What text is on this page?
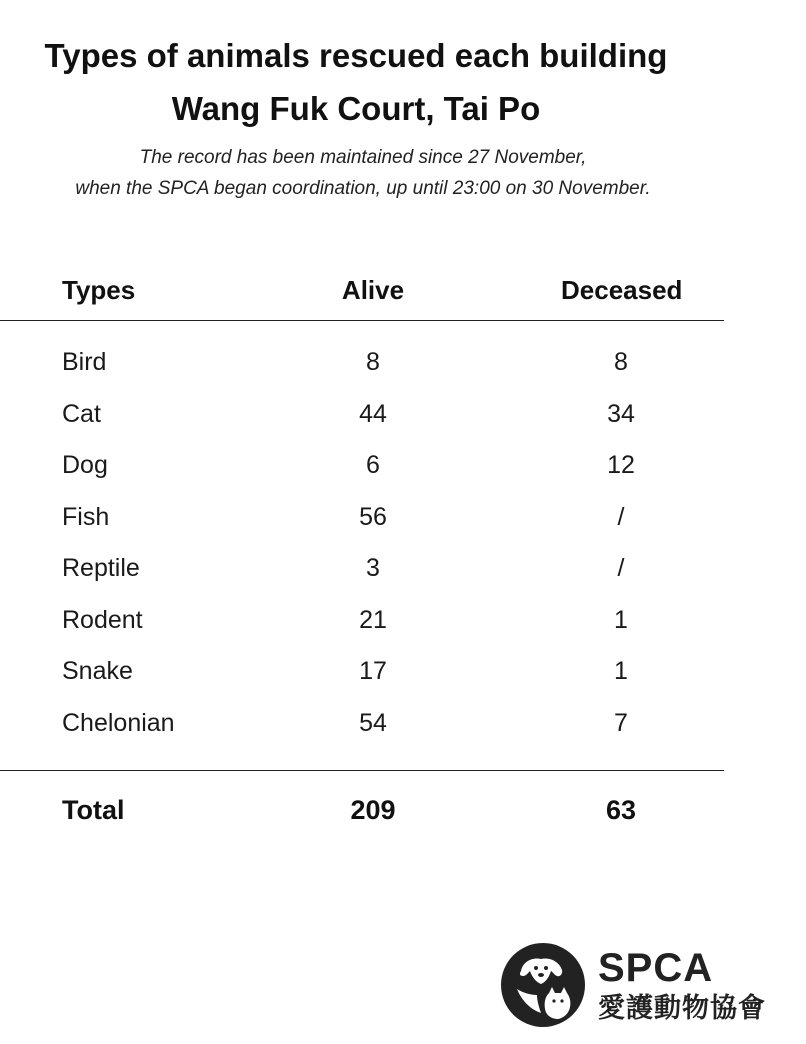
Types of animals rescued each building
Wang Fuk Court, Tai Po
The record has been maintained since 27 November,
when the SPCA began coordination, up until 23:00 on 30 November.
Types	Alive	Deceased
Bird	8	8
Cat	44	34
Dog	6	12
Fish	56	/
Reptile	3	/
Rodent	21	1
Snake	17	1
Chelonian	54	7
Total	209	63
SPCA
愛護動物協會
